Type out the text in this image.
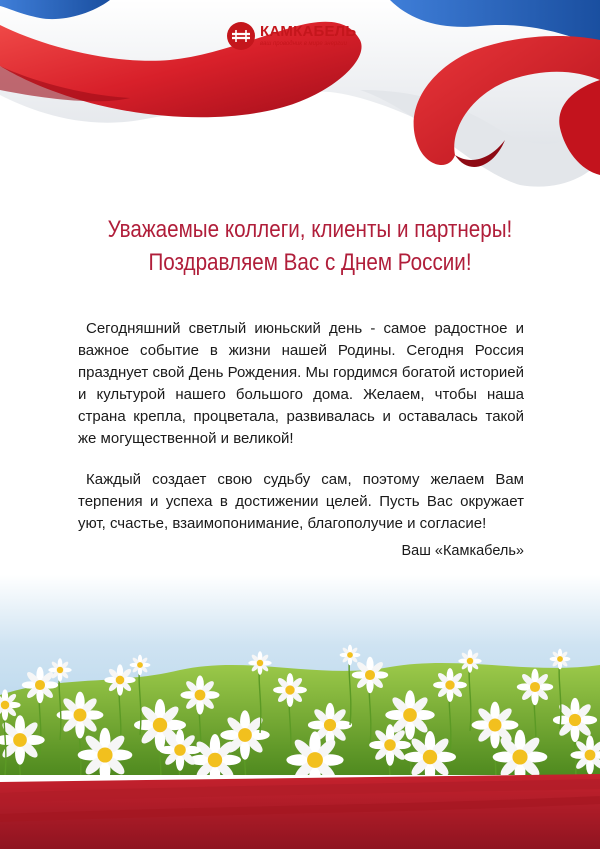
КАМКАБЕЛЬ
ваш проводник в мире энергии
Уважаемые коллеги, клиенты и партнеры!
Поздравляем Вас с Днем России!

Сегодняшний светлый июньский день - самое радостное и важное событие в жизни нашей Родины. Сегодня Россия празднует свой День Рождения. Мы гордимся богатой историей и культурой нашего большого дома. Желаем, чтобы наша страна крепла, процветала, развивалась и оставалась такой же могущественной и великой!

Каждый создает свою судьбу сам, поэтому желаем Вам терпения и успеха в достижении целей. Пусть Вас окружает уют, счастье, взаимопонимание, благополучие и согласие!

Ваш «Камкабель»
